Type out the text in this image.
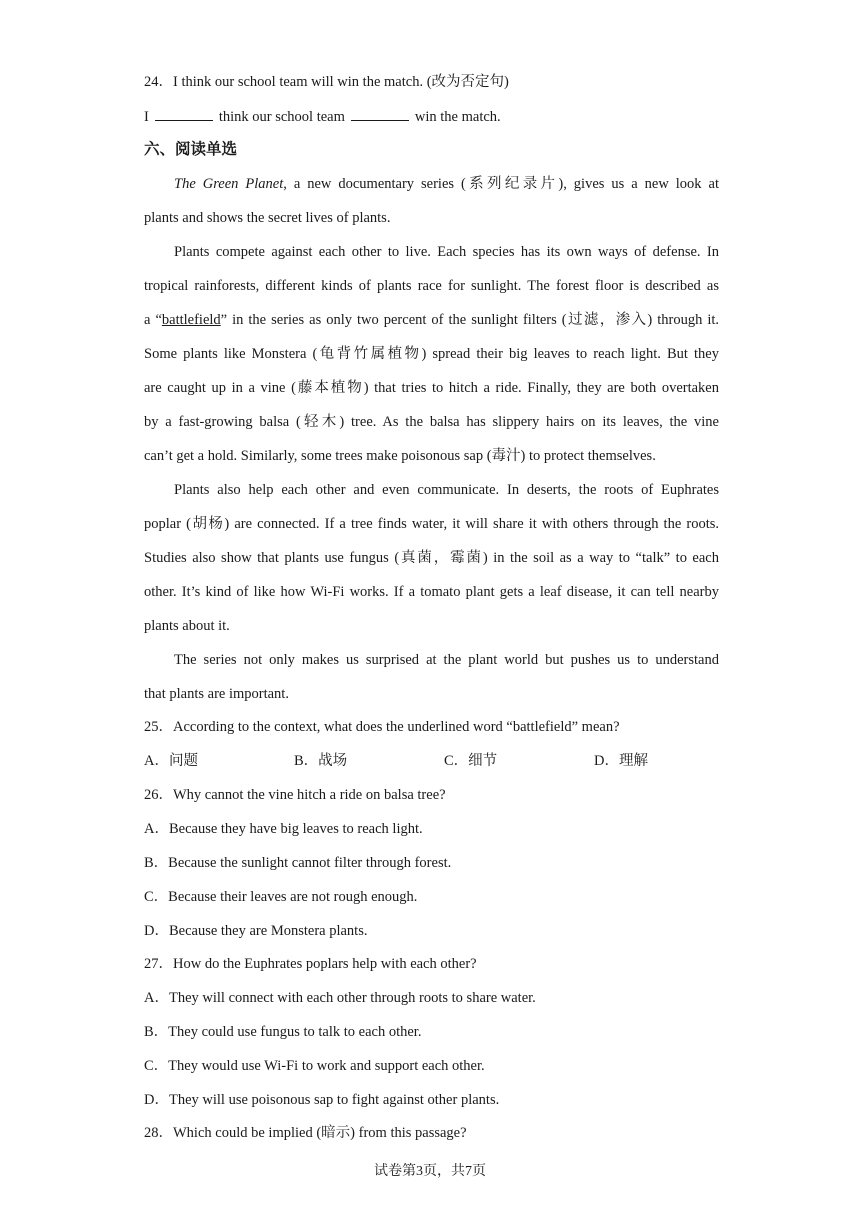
24．I think our school team will win the match. (改为否定句)
I	think our school team	win the match.
六、阅读单选
The Green Planet, a new documentary series (系列纪录片), gives us a new look at
plants and shows the secret lives of plants.
Plants compete against each other to live. Each species has its own ways of defense. In
tropical rainforests, different kinds of plants race for sunlight. The forest floor is described as
a “battlefield” in the series as only two percent of the sunlight filters (过滤，渗入) through it.
Some plants like Monstera (龟背竹属植物) spread their big leaves to reach light. But they
are caught up in a vine (藤本植物) that tries to hitch a ride. Finally, they are both overtaken
by a fast-growing balsa (轻木) tree. As the balsa has slippery hairs on its leaves, the vine
can’t get a hold. Similarly, some trees make poisonous sap (毒汁) to protect themselves.
Plants also help each other and even communicate. In deserts, the roots of Euphrates
poplar (胡杨) are connected. If a tree finds water, it will share it with others through the roots.
Studies also show that plants use fungus (真菌，霉菌) in the soil as a way to “talk” to each
other. It’s kind of like how Wi-Fi works. If a tomato plant gets a leaf disease, it can tell nearby
plants about it.
The series not only makes us surprised at the plant world but pushes us to understand
that plants are important.
25．According to the context, what does the underlined word “battlefield” mean?
A．问题	B．战场	C．细节	D．理解
26．Why cannot the vine hitch a ride on balsa tree?
A．Because they have big leaves to reach light.
B．Because the sunlight cannot filter through forest.
C．Because their leaves are not rough enough.
D．Because they are Monstera plants.
27．How do the Euphrates poplars help with each other?
A．They will connect with each other through roots to share water.
B．They could use fungus to talk to each other.
C．They would use Wi-Fi to work and support each other.
D．They will use poisonous sap to fight against other plants.
28．Which could be implied (暗示) from this passage?
试卷第3页，共7页
